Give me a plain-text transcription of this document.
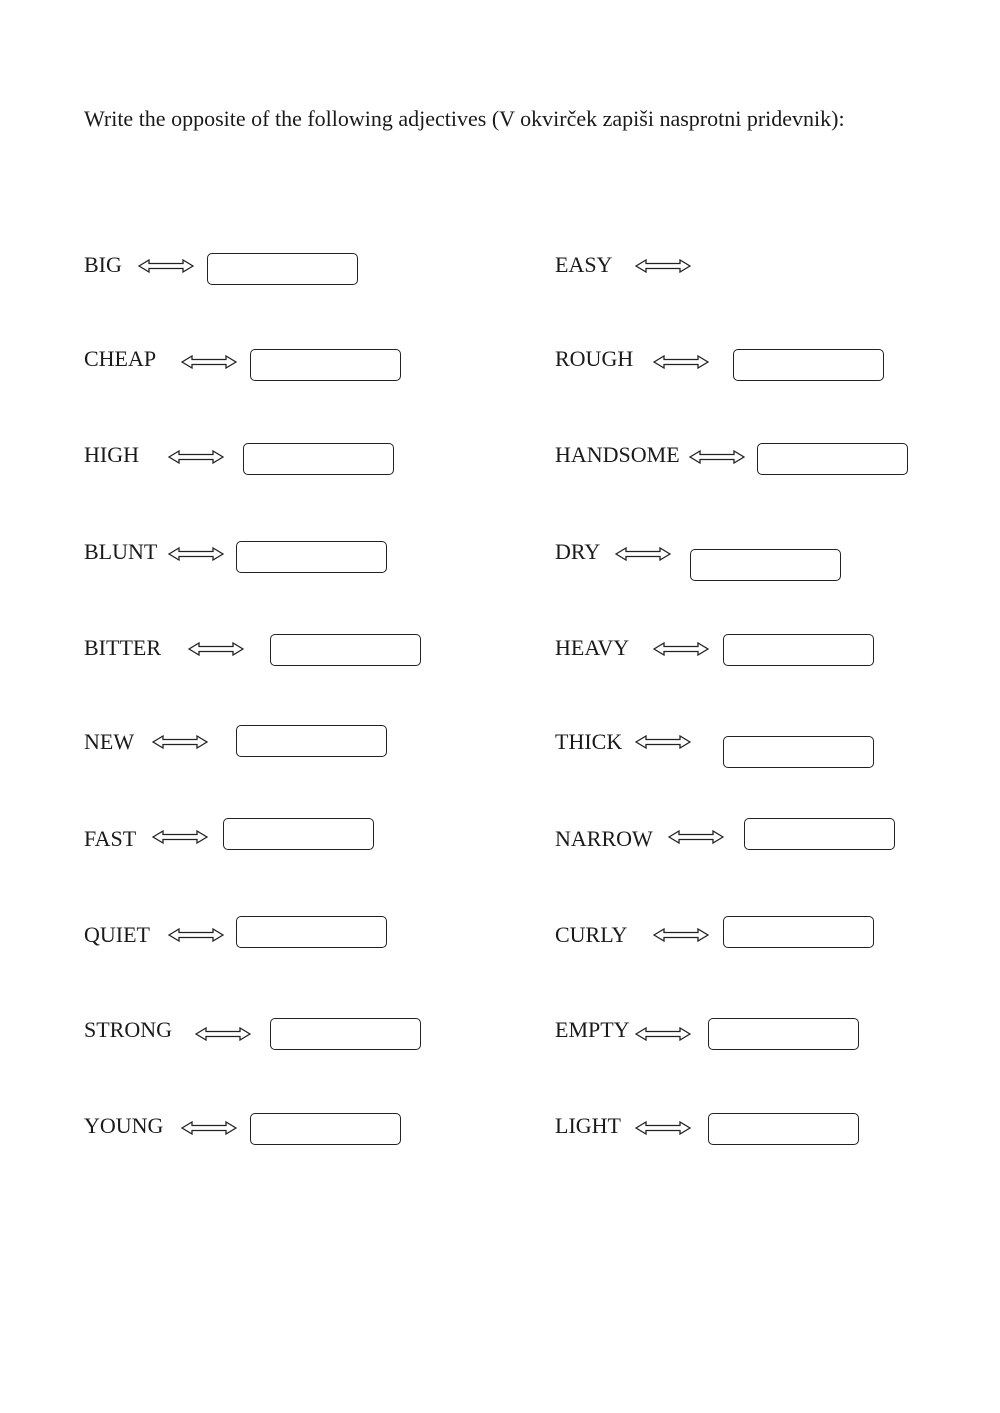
Write the opposite of the following adjectives (V okvirček zapiši nasprotni pridevnik):
BIG
CHEAP
HIGH
BLUNT
BITTER
NEW
FAST
QUIET
STRONG
YOUNG
EASY
ROUGH
HANDSOME
DRY
HEAVY
THICK
NARROW
CURLY
EMPTY
LIGHT
